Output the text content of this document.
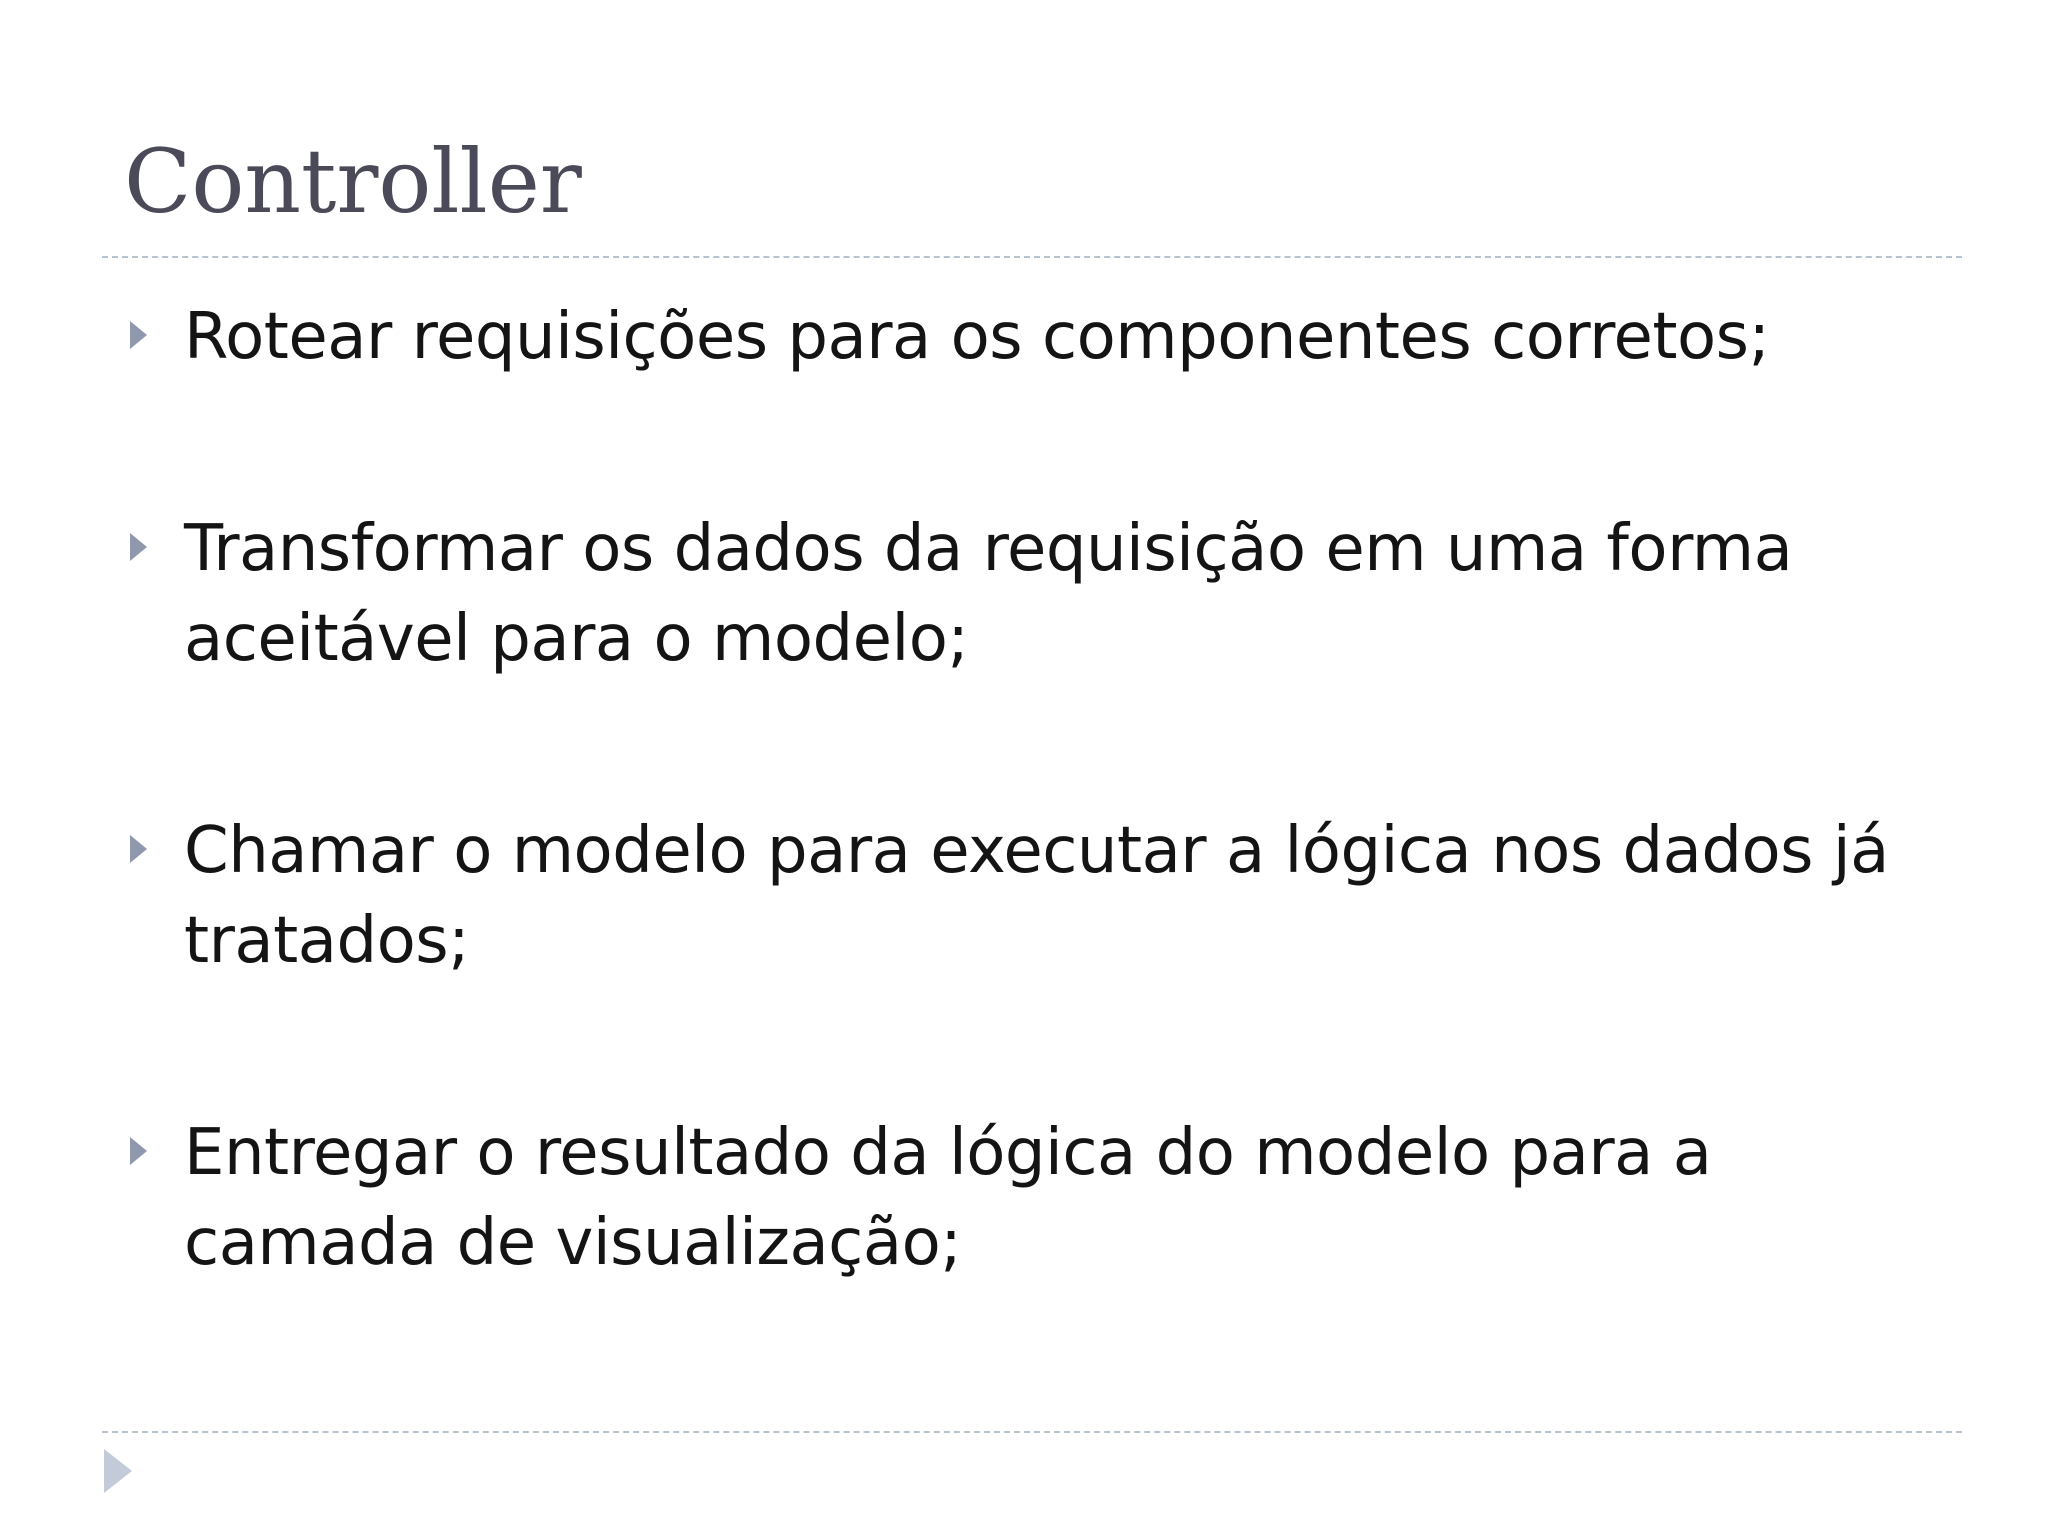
Controller
Rotear requisições para os componentes corretos;
Transformar os dados da requisição em uma forma aceitável para o modelo;
Chamar o modelo para executar a lógica nos dados já tratados;
Entregar o resultado da lógica do modelo para a camada de visualização;
